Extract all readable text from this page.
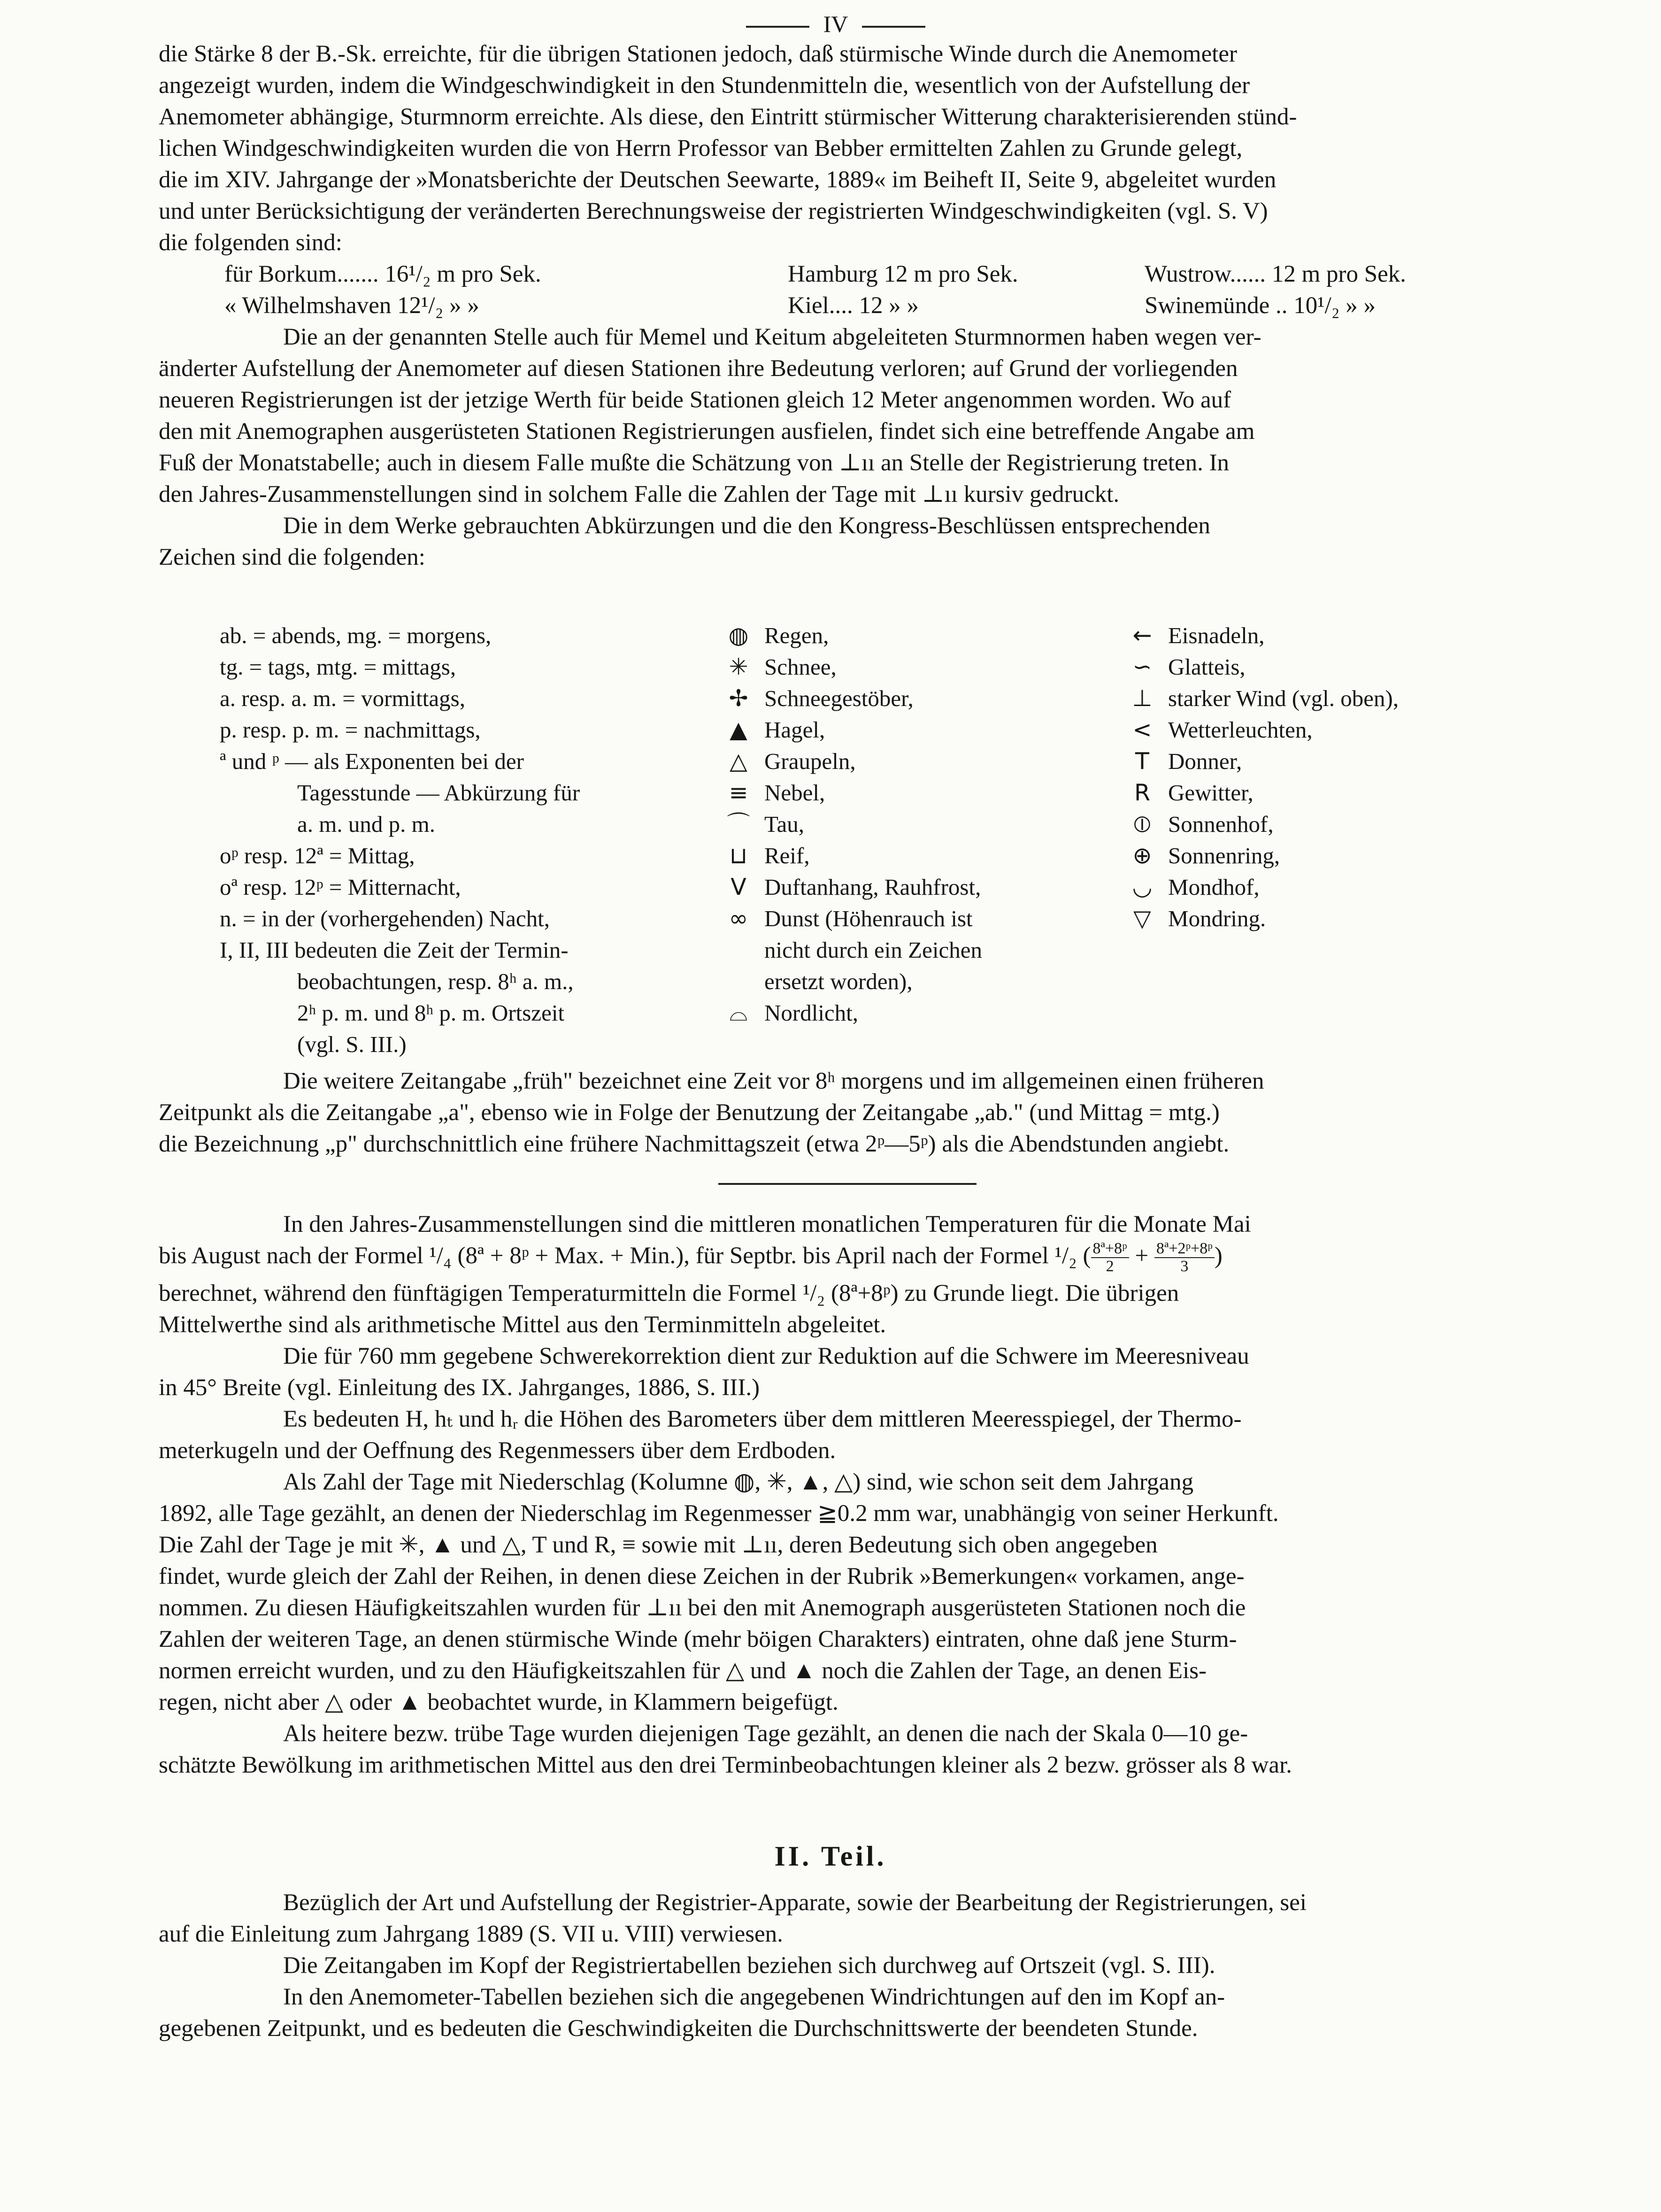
IV

die Stärke 8 der B.-Sk. erreichte, für die übrigen Stationen jedoch, daß stürmische Winde durch die Anemometer

angezeigt wurden, indem die Windgeschwindigkeit in den Stundenmitteln die, wesentlich von der Aufstellung der

Anemometer abhängige, Sturmnorm erreichte. Als diese, den Eintritt stürmischer Witterung charakterisierenden stünd-

lichen Windgeschwindigkeiten wurden die von Herrn Professor van Bebber ermittelten Zahlen zu Grunde gelegt,

die im XIV. Jahrgange der »Monatsberichte der Deutschen Seewarte, 1889« im Beiheft II, Seite 9, abgeleitet wurden

und unter Berücksichtigung der veränderten Berechnungsweise der registrierten Windgeschwindigkeiten (vgl. S. V)

die folgenden sind:

für Borkum....... 16¹/₂ m pro Sek.	Hamburg 12 m pro Sek.	Wustrow...... 12 m pro Sek.
« Wilhelmshaven 12¹/₂ » »	Kiel.... 12 » »	Swinemünde .. 10¹/₂ » »

Die an der genannten Stelle auch für Memel und Keitum abgeleiteten Sturmnormen haben wegen ver-

änderter Aufstellung der Anemometer auf diesen Stationen ihre Bedeutung verloren; auf Grund der vorliegenden

neueren Registrierungen ist der jetzige Werth für beide Stationen gleich 12 Meter angenommen worden. Wo auf

den mit Anemographen ausgerüsteten Stationen Registrierungen ausfielen, findet sich eine betreffende Angabe am

Fuß der Monatstabelle; auch in diesem Falle mußte die Schätzung von ⊥ıı an Stelle der Registrierung treten. In

den Jahres-Zusammenstellungen sind in solchem Falle die Zahlen der Tage mit ⊥ıı kursiv gedruckt.

Die in dem Werke gebrauchten Abkürzungen und die den Kongress-Beschlüssen entsprechenden

Zeichen sind die folgenden:

ab. = abends, mg. = morgens,
tg. = tags, mtg. = mittags,
a. resp. a. m. = vormittags,
p. resp. p. m. = nachmittags,
ª und ᵖ — als Exponenten bei der
Tagesstunde — Abkürzung für
a. m. und p. m.
oᵖ resp. 12ª = Mittag,
oª resp. 12ᵖ = Mitternacht,
n. = in der (vorhergehenden) Nacht,
I, II, III bedeuten die Zeit der Termin-
beobachtungen, resp. 8ʰ a. m.,
2ʰ p. m. und 8ʰ p. m. Ortszeit
(vgl. S. III.)
◍ Regen,
✳ Schnee,
✢ Schneegestöber,
▲ Hagel,
△ Graupeln,
≡ Nebel,
⌒ Tau,
⊔ Reif,
V Duftanhang, Rauhfrost,
∞ Dunst (Höhenrauch ist
nicht durch ein Zeichen
ersetzt worden),
⌓ Nordlicht,
← Eisnadeln,
∽ Glatteis,
⊥ starker Wind (vgl. oben),
< Wetterleuchten,
T Donner,
R Gewitter,
⦶ Sonnenhof,
⊕ Sonnenring,
◡ Mondhof,
▽ Mondring.

Die weitere Zeitangabe „früh" bezeichnet eine Zeit vor 8ʰ morgens und im allgemeinen einen früheren

Zeitpunkt als die Zeitangabe „a", ebenso wie in Folge der Benutzung der Zeitangabe „ab." (und Mittag = mtg.)

die Bezeichnung „p" durchschnittlich eine frühere Nachmittagszeit (etwa 2ᵖ—5ᵖ) als die Abendstunden angiebt.

In den Jahres-Zusammenstellungen sind die mittleren monatlichen Temperaturen für die Monate Mai

bis August nach der Formel ¹/₄ (8ª + 8ᵖ + Max. + Min.), für Septbr. bis April nach der Formel ¹/₂ ( $\frac{\text{8ª+8ᵖ}}{2} + \frac{\text{8ª+2ᵖ+8ᵖ}}{3}$ )

berechnet, während den fünftägigen Temperaturmitteln die Formel ¹/₂ (8ª+8ᵖ) zu Grunde liegt. Die übrigen

Mittelwerthe sind als arithmetische Mittel aus den Terminmitteln abgeleitet.

Die für 760 mm gegebene Schwerekorrektion dient zur Reduktion auf die Schwere im Meeresniveau

in 45° Breite (vgl. Einleitung des IX. Jahrganges, 1886, S. III.)

Es bedeuten H, hₜ und hᵣ die Höhen des Barometers über dem mittleren Meeresspiegel, der Thermo-

meterkugeln und der Oeffnung des Regenmessers über dem Erdboden.

Als Zahl der Tage mit Niederschlag (Kolumne ◍, ✳, ▲, △) sind, wie schon seit dem Jahrgang

1892, alle Tage gezählt, an denen der Niederschlag im Regenmesser ≧0.2 mm war, unabhängig von seiner Herkunft.

Die Zahl der Tage je mit ✳, ▲ und △, T und R, ≡ sowie mit ⊥ıı, deren Bedeutung sich oben angegeben

findet, wurde gleich der Zahl der Reihen, in denen diese Zeichen in der Rubrik »Bemerkungen« vorkamen, ange-

nommen. Zu diesen Häufigkeitszahlen wurden für ⊥ıı bei den mit Anemograph ausgerüsteten Stationen noch die

Zahlen der weiteren Tage, an denen stürmische Winde (mehr böigen Charakters) eintraten, ohne daß jene Sturm-

normen erreicht wurden, und zu den Häufigkeitszahlen für △ und ▲ noch die Zahlen der Tage, an denen Eis-

regen, nicht aber △ oder ▲ beobachtet wurde, in Klammern beigefügt.

Als heitere bezw. trübe Tage wurden diejenigen Tage gezählt, an denen die nach der Skala 0—10 ge-

schätzte Bewölkung im arithmetischen Mittel aus den drei Terminbeobachtungen kleiner als 2 bezw. grösser als 8 war.

II. Teil.

Bezüglich der Art und Aufstellung der Registrier-Apparate, sowie der Bearbeitung der Registrierungen, sei

auf die Einleitung zum Jahrgang 1889 (S. VII u. VIII) verwiesen.

Die Zeitangaben im Kopf der Registriertabellen beziehen sich durchweg auf Ortszeit (vgl. S. III).

In den Anemometer-Tabellen beziehen sich die angegebenen Windrichtungen auf den im Kopf an-

gegebenen Zeitpunkt, und es bedeuten die Geschwindigkeiten die Durchschnittswerte der beendeten Stunde.
